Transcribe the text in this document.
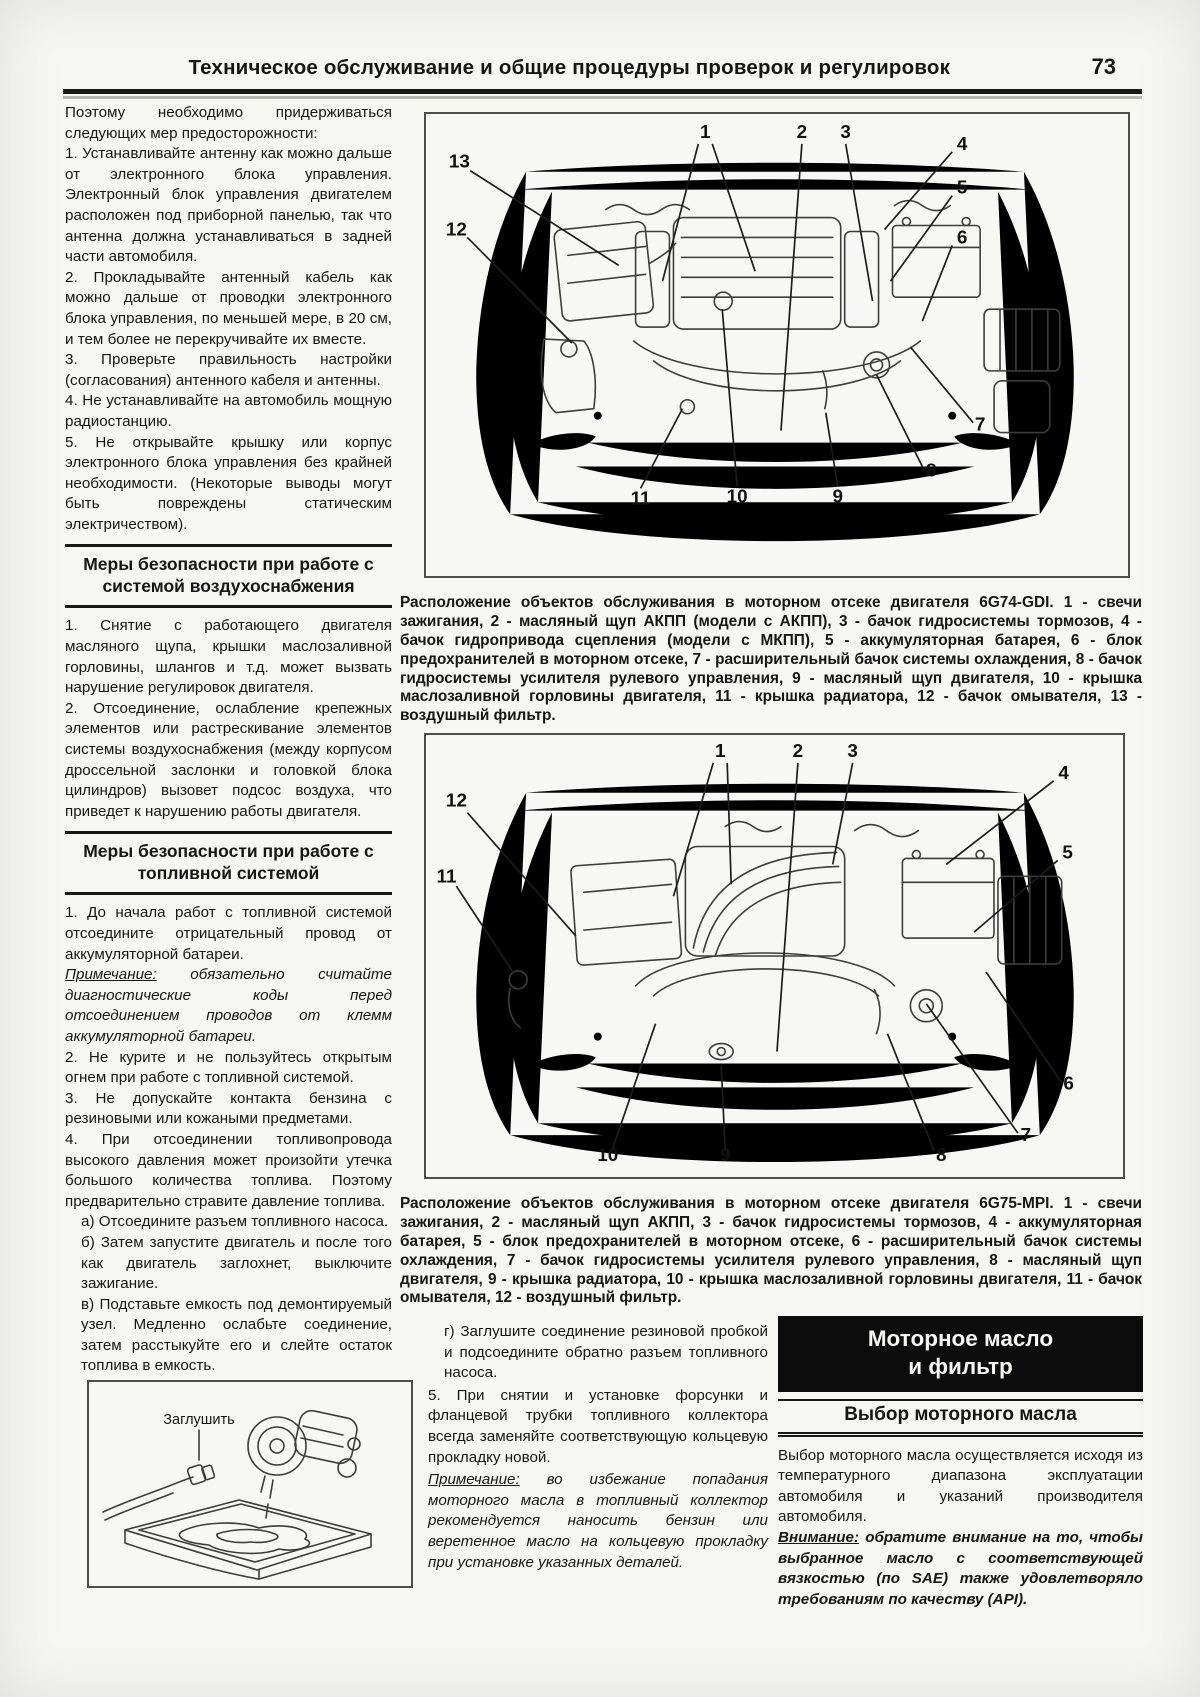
Техническое обслуживание и общие процедуры проверок и регулировок	73

Поэтому необходимо придерживаться следующих мер предосторожности:

1. Устанавливайте антенну как можно дальше от электронного блока управления. Электронный блок управления двигателем расположен под приборной панелью, так что антенна должна устанавливаться в задней части автомобиля.

2. Прокладывайте антенный кабель как можно дальше от проводки электронного блока управления, по меньшей мере, в 20 см, и тем более не перекручивайте их вместе.

3. Проверьте правильность настройки (согласования) антенного кабеля и антенны.

4. Не устанавливайте на автомобиль мощную радиостанцию.

5. Не открывайте крышку или корпус электронного блока управления без крайней необходимости. (Некоторые выводы могут быть повреждены статическим электричеством).

Меры безопасности при работе с системой воздухоснабжения

1. Снятие с работающего двигателя масляного щупа, крышки маслозаливной горловины, шлангов и т.д. может вызвать нарушение регулировок двигателя.

2. Отсоединение, ослабление крепежных элементов или растрескивание элементов системы воздухоснабжения (между корпусом дроссельной заслонки и головкой блока цилиндров) вызовет подсос воздуха, что приведет к нарушению работы двигателя.

Меры безопасности при работе с топливной системой

1. До начала работ с топливной системой отсоедините отрицательный провод от аккумуляторной батареи.

Примечание: обязательно считайте диагностические коды перед отсоединением проводов от клемм аккумуляторной батареи.

2. Не курите и не пользуйтесь открытым огнем при работе с топливной системой.

3. Не допускайте контакта бензина с резиновыми или кожаными предметами.

4. При отсоединении топливопровода высокого давления может произойти утечка большого количества топлива. Поэтому предварительно стравите давление топлива.

а) Отсоедините разъем топливного насоса.

б) Затем запустите двигатель и после того как двигатель заглохнет, выключите зажигание.

в) Подставьте емкость под демонтируемый узел. Медленно ослабьте соединение, затем расстыкуйте его и слейте остаток топлива в емкость.

1	2 3
4
5
6
7
8
9
10
11
12
13

Расположение объектов обслуживания в моторном отсеке двигателя 6G74-GDI. 1 - свечи зажигания, 2 - масляный щуп АКПП (модели с АКПП), 3 - бачок гидросистемы тормозов, 4 - бачок гидропривода сцепления (модели с МКПП), 5 - аккумуляторная батарея, 6 - блок предохранителей в моторном отсеке, 7 - расширительный бачок системы охлаждения, 8 - бачок гидросистемы усилителя рулевого управления, 9 - масляный щуп двигателя, 10 - крышка маслозаливной горловины двигателя, 11 - крышка радиатора, 12 - бачок омывателя, 13 - воздушный фильтр.

1	2 3
4
5
6
7
8
9
10
11
12

Расположение объектов обслуживания в моторном отсеке двигателя 6G75-MPI. 1 - свечи зажигания, 2 - масляный щуп АКПП, 3 - бачок гидросистемы тормозов, 4 - аккумуляторная батарея, 5 - блок предохранителей в моторном отсеке, 6 - расширительный бачок системы охлаждения, 7 - бачок гидросистемы усилителя рулевого управления, 8 - масляный щуп двигателя, 9 - крышка радиатора, 10 - крышка маслозаливной горловины двигателя, 11 - бачок омывателя, 12 - воздушный фильтр.

г) Заглушите соединение резиновой пробкой и подсоедините обратно разъем топливного насоса.

5. При снятии и установке форсунки и фланцевой трубки топливного коллектора всегда заменяйте соответствующую кольцевую прокладку новой.

Примечание: во избежание попадания моторного масла в топливный коллектор рекомендуется наносить бензин или веретенное масло на кольцевую прокладку при установке указанных деталей.

Моторное масло
и фильтр
Выбор моторного масла

Выбор моторного масла осуществляется исходя из температурного диапазона эксплуатации автомобиля и указаний производителя автомобиля.

Внимание: обратите внимание на то, чтобы выбранное масло с соответствующей вязкостью (по SAE) также удовлетворяло требованиям по качеству (API).

Заглушить
